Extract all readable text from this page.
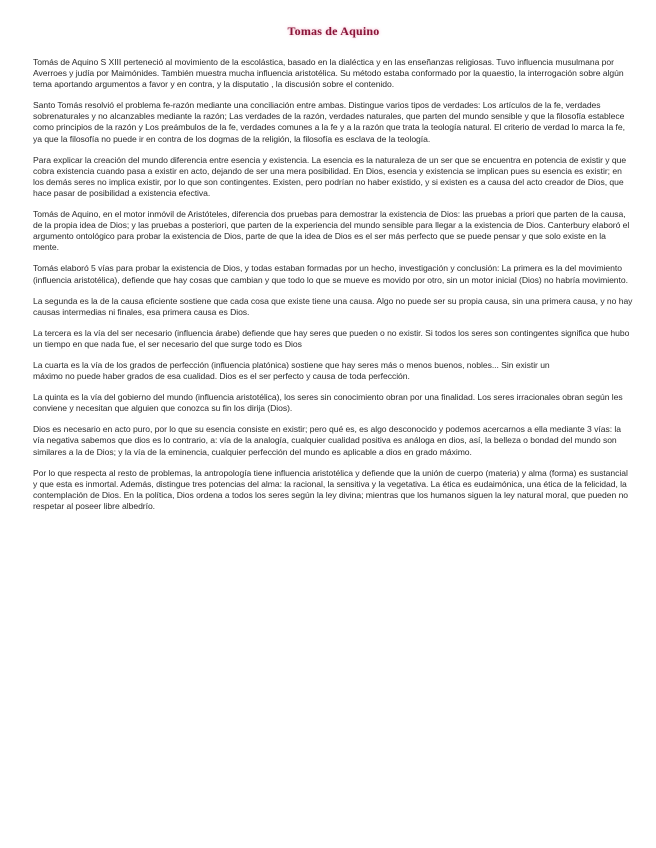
Tomas de Aquino

Tomás de Aquino S XIII perteneció al movimiento de la escolástica, basado en la dialéctica y en las enseñanzas religiosas. Tuvo influencia musulmana por Averroes y judía por Maimónides. También muestra mucha influencia aristotélica. Su método estaba conformado por la quaestio, la interrogación sobre algún tema aportando argumentos a favor y en contra, y la disputatio , la discusión sobre el contenido.

Santo Tomás resolvió el problema fe-razón mediante una conciliación entre ambas. Distingue varios tipos de verdades: Los artículos de la fe, verdades sobrenaturales y no alcanzables mediante la razón; Las verdades de la razón, verdades naturales, que parten del mundo sensible y que la filosofía establece como principios de la razón y Los preámbulos de la fe, verdades comunes a la fe y a la razón que trata la teología natural. El criterio de verdad lo marca la fe, ya que la filosofía no puede ir en contra de los dogmas de la religión, la filosofía es esclava de la teología.

Para explicar la creación del mundo diferencia entre esencia y existencia. La esencia es la naturaleza de un ser que se encuentra en potencia de existir y que cobra existencia cuando pasa a existir en acto, dejando de ser una mera posibilidad. En Dios, esencia y existencia se implican pues su esencia es existir; en los demás seres no implica existir, por lo que son contingentes. Existen, pero podrían no haber existido, y si existen es a causa del acto creador de Dios, que hace pasar de posibilidad a existencia efectiva.

Tomás de Aquino, en el motor inmóvil de Aristóteles, diferencia dos pruebas para demostrar la existencia de Dios: las pruebas a priori que parten de la causa, de la propia idea de Dios; y las pruebas a posteriori, que parten de la experiencia del mundo sensible para llegar a la existencia de Dios. Canterbury elaboró el argumento ontológico para probar la existencia de Dios, parte de que la idea de Dios es el ser más perfecto que se puede pensar y que solo existe en la mente.

Tomás elaboró 5 vías para probar la existencia de Dios, y todas estaban formadas por un hecho, investigación y conclusión: La primera es la del movimiento (influencia aristotélica), defiende que hay cosas que cambian y que todo lo que se mueve es movido por otro, sin un motor inicial (Dios) no habría movimiento.

La segunda es la de la causa eficiente sostiene que cada cosa que existe tiene una causa. Algo no puede ser su propia causa, sin una primera causa, y no hay causas intermedias ni finales, esa primera causa es Dios.

La tercera es la vía del ser necesario (influencia árabe) defiende que hay seres que pueden o no existir. Si todos los seres son contingentes significa que hubo un tiempo en que nada fue, el ser necesario del que surge todo es Dios

La cuarta es la vía de los grados de perfección (influencia platónica) sostiene que hay seres más o menos buenos, nobles... Sin existir un
máximo no puede haber grados de esa cualidad. Dios es el ser perfecto y causa de toda perfección.

La quinta es la vía del gobierno del mundo (influencia aristotélica), los seres sin conocimiento obran por una finalidad. Los seres irracionales obran según les conviene y necesitan que alguien que conozca su fin los dirija (Dios).

Dios es necesario en acto puro, por lo que su esencia consiste en existir; pero qué es, es algo desconocido y podemos acercarnos a ella mediante 3 vías: la vía negativa sabemos que dios es lo contrario, a: vía de la analogía, cualquier cualidad positiva es análoga en dios, así, la belleza o bondad del mundo son similares a la de Dios; y la vía de la eminencia, cualquier perfección del mundo es aplicable a dios en grado máximo.

Por lo que respecta al resto de problemas, la antropología tiene influencia aristotélica y defiende que la unión de cuerpo (materia) y alma (forma) es sustancial y que esta es inmortal. Además, distingue tres potencias del alma: la racional, la sensitiva y la vegetativa. La ética es eudaimónica, una ética de la felicidad, la contemplación de Dios. En la política, Dios ordena a todos los seres según la ley divina; mientras que los humanos siguen la ley natural moral, que pueden no respetar al poseer libre albedrío.
